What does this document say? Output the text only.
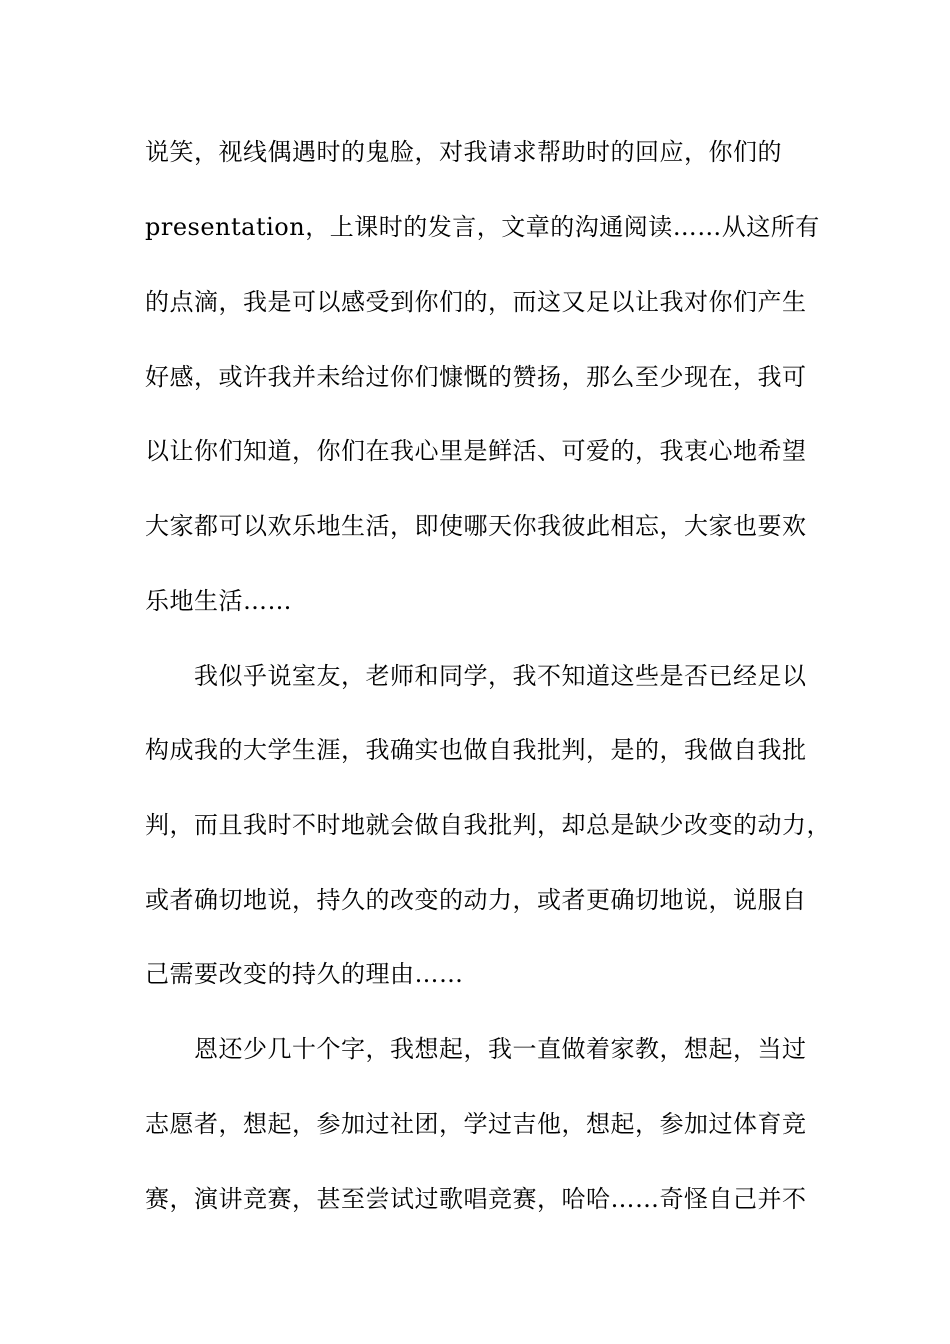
说笑，视线偶遇时的鬼脸，对我请求帮助时的回应，你们的
presentation，上课时的发言，文章的沟通阅读……从这所有
的点滴，我是可以感受到你们的，而这又足以让我对你们产生
好感，或许我并未给过你们慷慨的赞扬，那么至少现在，我可
以让你们知道，你们在我心里是鲜活、可爱的，我衷心地希望
大家都可以欢乐地生活，即使哪天你我彼此相忘，大家也要欢
乐地生活……
我似乎说室友，老师和同学，我不知道这些是否已经足以
构成我的大学生涯，我确实也做自我批判，是的，我做自我批
判，而且我时不时地就会做自我批判，却总是缺少改变的动力，
或者确切地说，持久的改变的动力，或者更确切地说，说服自
己需要改变的持久的理由……
恩还少几十个字，我想起，我一直做着家教，想起，当过
志愿者，想起，参加过社团，学过吉他，想起，参加过体育竞
赛，演讲竞赛，甚至尝试过歌唱竞赛，哈哈……奇怪自己并不
